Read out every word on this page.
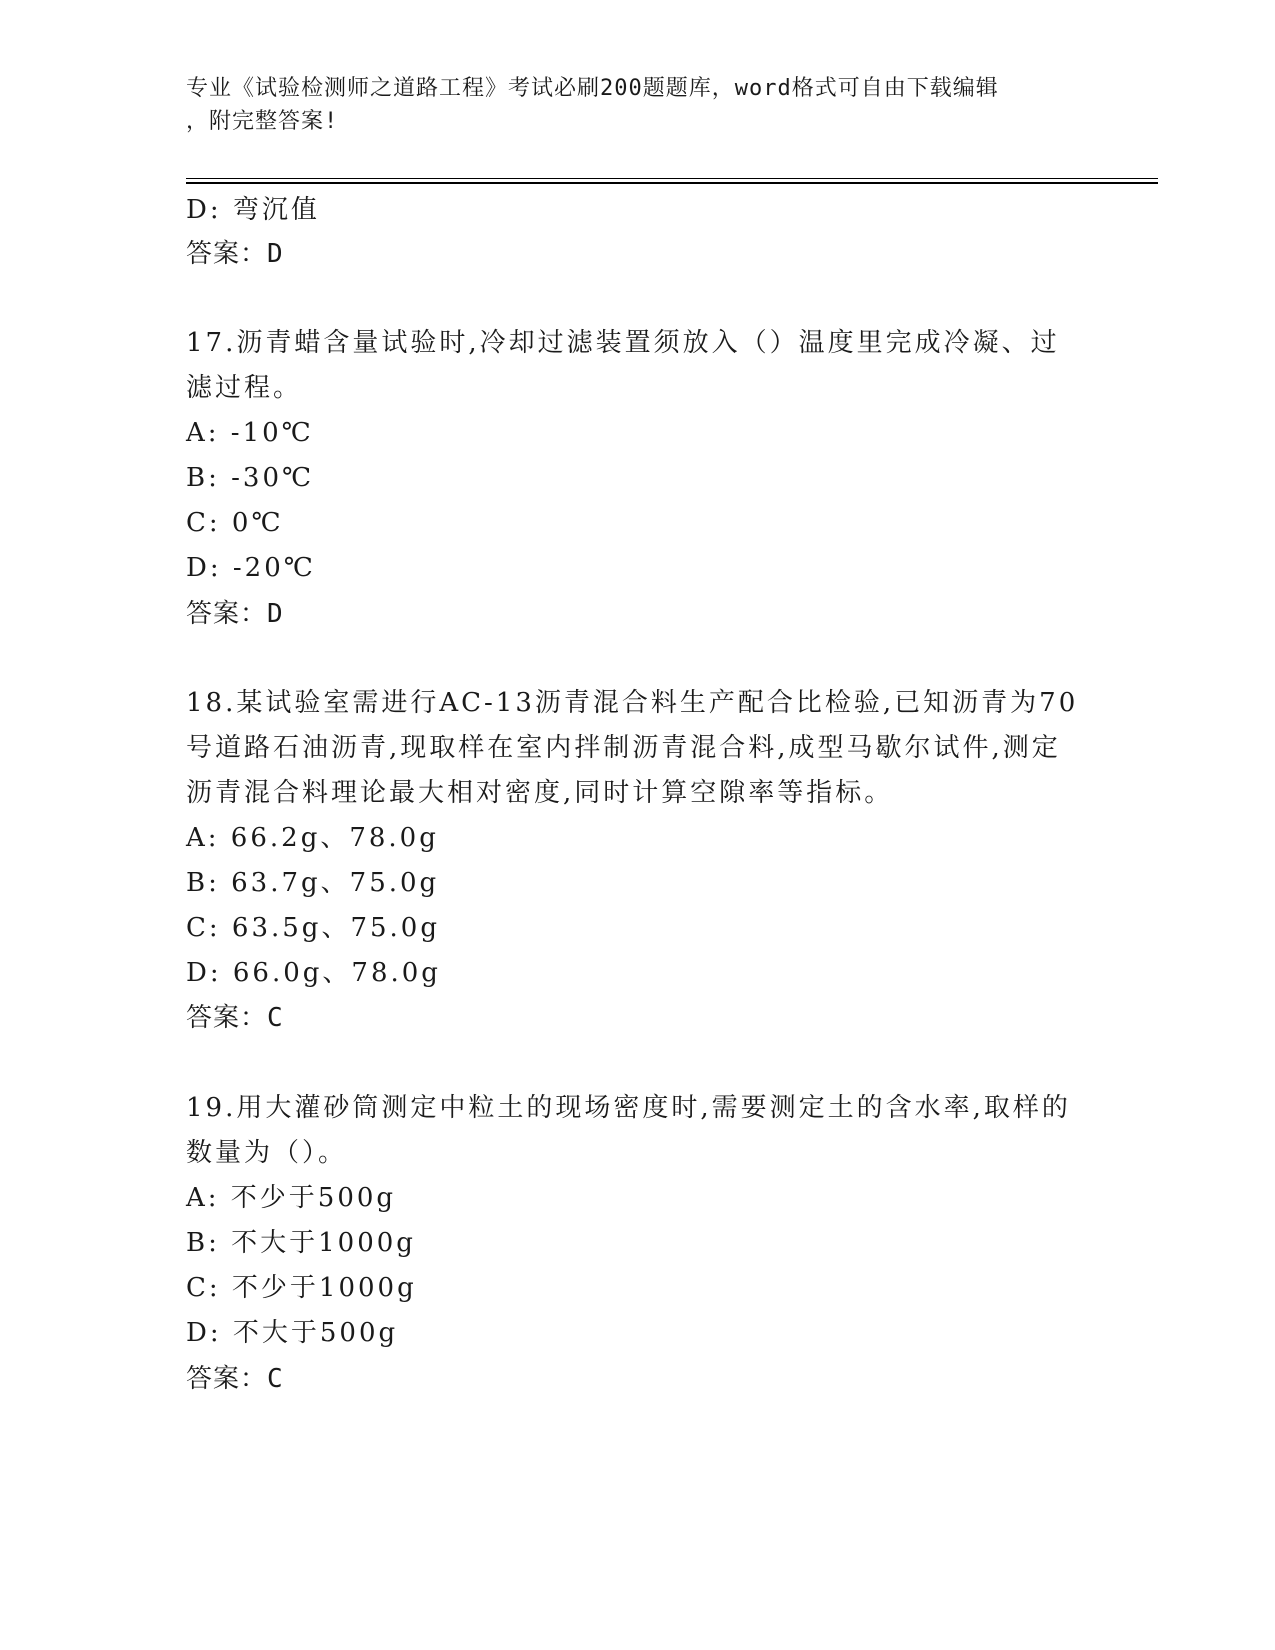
专业《试验检测师之道路工程》考试必刷200题题库，word格式可自由下载编辑
，附完整答案!
D: 弯沉值
答案：D
17.沥青蜡含量试验时,冷却过滤装置须放入（）温度里完成冷凝、过
滤过程。
A: -10℃
B: -30℃
C: 0℃
D: -20℃
答案：D
18.某试验室需进行AC-13沥青混合料生产配合比检验,已知沥青为70
号道路石油沥青,现取样在室内拌制沥青混合料,成型马歇尔试件,测定
沥青混合料理论最大相对密度,同时计算空隙率等指标。
A: 66.2g、78.0g
B: 63.7g、75.0g
C: 63.5g、75.0g
D: 66.0g、78.0g
答案：C
19.用大灌砂筒测定中粒土的现场密度时,需要测定土的含水率,取样的
数量为（）。
A: 不少于500g
B: 不大于1000g
C: 不少于1000g
D: 不大于500g
答案：C
